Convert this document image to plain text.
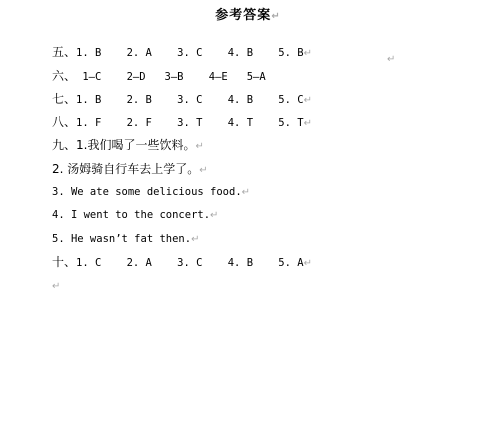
参考答案↵

五、1. B    2. A    3. C    4. B    5. B↵

六、 1—C    2—D   3—B    4—E   5—A

↵

七、1. B    2. B    3. C    4. B    5. C↵

八、1. F    2. F    3. T    4. T    5. T↵

九、1.我们喝了一些饮料。↵

2. 汤姆骑自行车去上学了。↵

3. We ate some delicious food.↵

4. I went to the concert.↵

5. He wasn’t fat then.↵

十、1. C    2. A    3. C    4. B    5. A↵

↵
